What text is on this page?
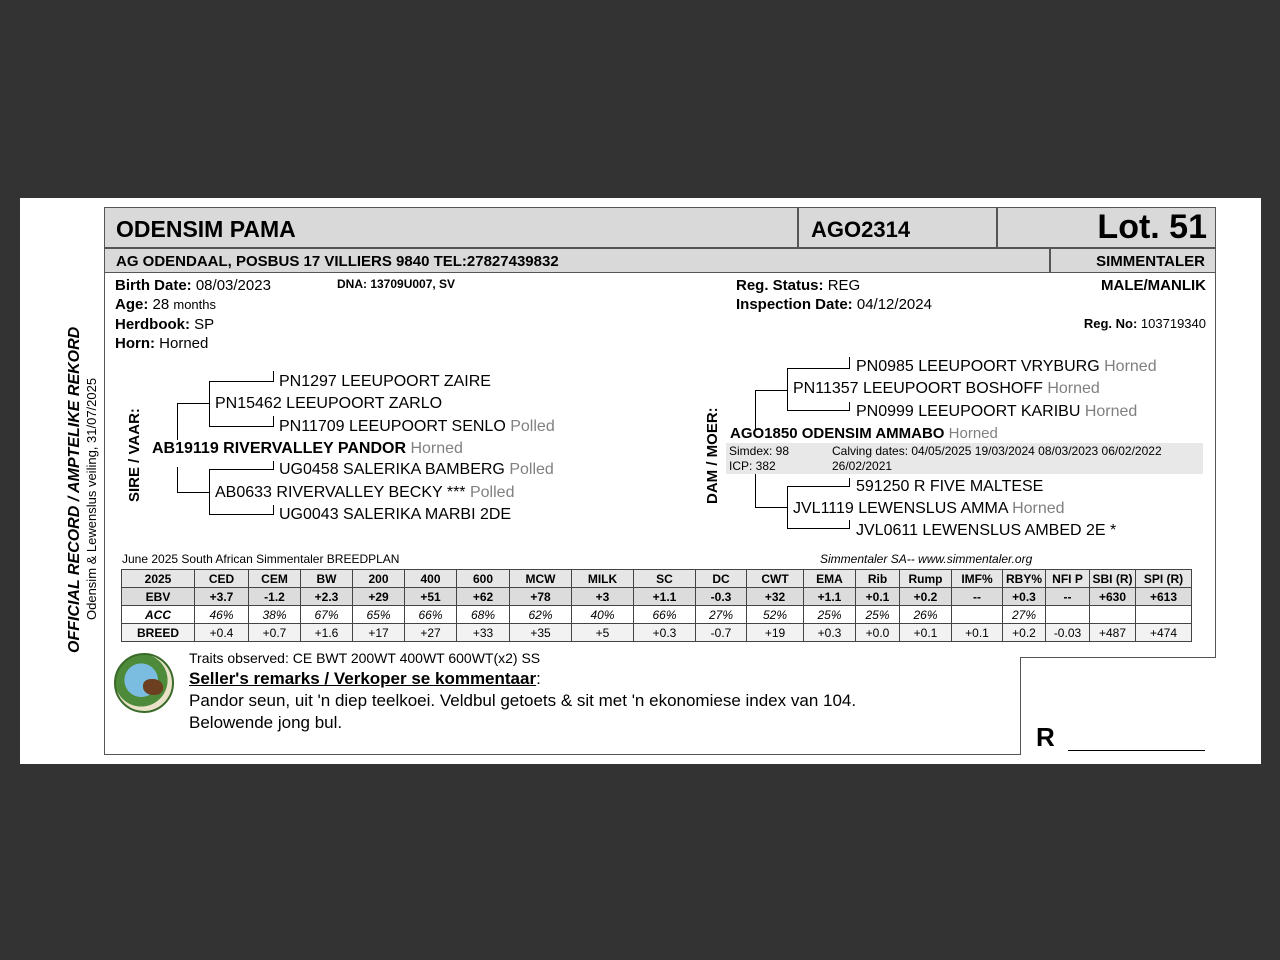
OFFICIAL RECORD / AMPTELIKE REKORD Odensim & Lewenslus veiling, 31/07/2025
ODENSIM PAMA	AGO2314	Lot. 51
AG ODENDAAL, POSBUS 17 VILLIERS 9840 TEL:27827439832	SIMMENTALER
Birth Date: 08/03/2023	DNA: 13709U007, SV
Age: 28 months
Herdbook: SP
Horn: Horned
Reg. Status: REG
Inspection Date: 04/12/2024
MALE/MANLIK
Reg. No: 103719340
SIRE / VAAR:
PN1297 LEEUPOORT ZAIRE
PN15462 LEEUPOORT ZARLO
PN11709 LEEUPOORT SENLO Polled
AB19119 RIVERVALLEY PANDOR Horned
UG0458 SALERIKA BAMBERG Polled
AB0633 RIVERVALLEY BECKY *** Polled
UG0043 SALERIKA MARBI 2DE
DAM / MOER:
PN0985 LEEUPOORT VRYBURG Horned
PN11357 LEEUPOORT BOSHOFF Horned
PN0999 LEEUPOORT KARIBU Horned
AGO1850 ODENSIM AMMABO Horned
Simdex: 98
ICP: 382
Calving dates: 04/05/2025 19/03/2024 08/03/2023 06/02/2022
26/02/2021
591250 R FIVE MALTESE
JVL1119 LEWENSLUS AMMA Horned
JVL0611 LEWENSLUS AMBED 2E *
June 2025 South African Simmentaler BREEDPLAN	Simmentaler SA-- www.simmentaler.org
2025	CED	CEM	BW	200	400	600	MCW	MILK	SC	DC	CWT	EMA	Rib	Rump	IMF%	RBY%	NFI P	SBI (R)	SPI (R)
EBV	+3.7	-1.2	+2.3	+29	+51	+62	+78	+3	+1.1	-0.3	+32	+1.1	+0.1	+0.2	--	+0.3	--	+630	+613
ACC	46%	38%	67%	65%	66%	68%	62%	40%	66%	27%	52%	25%	25%	26%		27%			
BREED	+0.4	+0.7	+1.6	+17	+27	+33	+35	+5	+0.3	-0.7	+19	+0.3	+0.0	+0.1	+0.1	+0.2	-0.03	+487	+474
Traits observed: CE BWT 200WT 400WT 600WT(x2) SS
Seller's remarks / Verkoper se kommentaar:
Pandor seun, uit 'n diep teelkoei. Veldbul getoets & sit met 'n ekonomiese index van 104.
Belowende jong bul.	R
